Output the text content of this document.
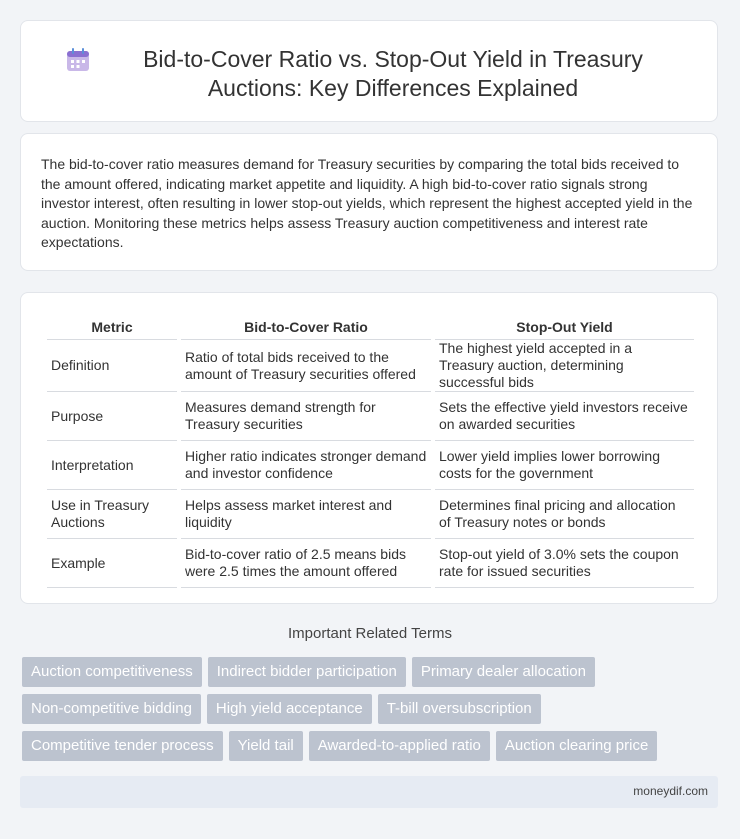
Bid-to-Cover Ratio vs. Stop-Out Yield in Treasury Auctions: Key Differences Explained

The bid-to-cover ratio measures demand for Treasury securities by comparing the total bids received to the amount offered, indicating market appetite and liquidity. A high bid-to-cover ratio signals strong investor interest, often resulting in lower stop-out yields, which represent the highest accepted yield in the auction. Monitoring these metrics helps assess Treasury auction competitiveness and interest rate expectations.

Metric	Bid-to-Cover Ratio	Stop-Out Yield
Definition	Ratio of total bids received to the amount of Treasury securities offered	The highest yield accepted in a Treasury auction, determining successful bids
Purpose	Measures demand strength for Treasury securities	Sets the effective yield investors receive on awarded securities
Interpretation	Higher ratio indicates stronger demand and investor confidence	Lower yield implies lower borrowing costs for the government
Use in Treasury Auctions	Helps assess market interest and liquidity	Determines final pricing and allocation of Treasury notes or bonds
Example	Bid-to-cover ratio of 2.5 means bids were 2.5 times the amount offered	Stop-out yield of 3.0% sets the coupon rate for issued securities

Important Related Terms

Auction competitiveness	Indirect bidder participation	Primary dealer allocation
Non-competitive bidding	High yield acceptance	T-bill oversubscription
Competitive tender process	Yield tail	Awarded-to-applied ratio	Auction clearing price
moneydif.com
